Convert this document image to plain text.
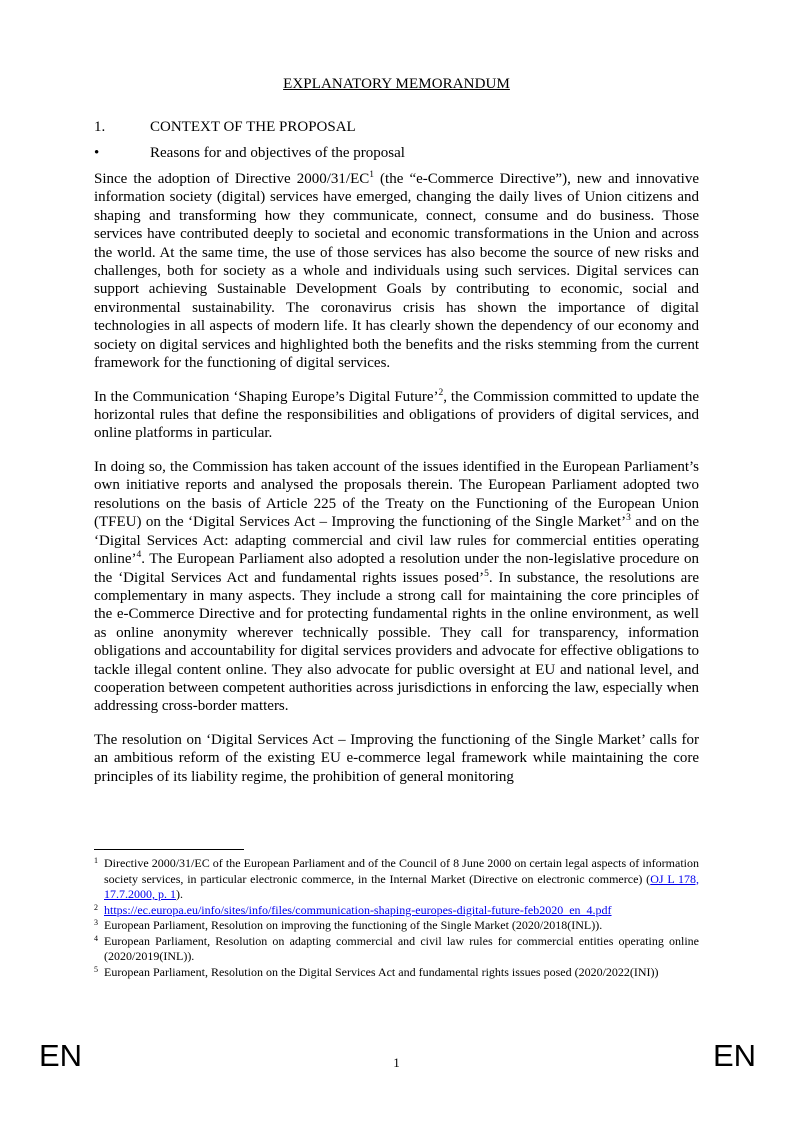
EXPLANATORY MEMORANDUM
1.	CONTEXT OF THE PROPOSAL
•	Reasons for and objectives of the proposal

Since the adoption of Directive $2000/31/EC^1$ (the “e-Commerce Directive”), new and innovative information society (digital) services have emerged, changing the daily lives of Union citizens and shaping and transforming how they communicate, connect, consume and do business. Those services have contributed deeply to societal and economic transformations in the Union and across the world. At the same time, the use of those services has also become the source of new risks and challenges, both for society as a whole and individuals using such services. Digital services can support achieving Sustainable Development Goals by contributing to economic, social and environmental sustainability. The coronavirus crisis has shown the importance of digital technologies in all aspects of modern life. It has clearly shown the dependency of our economy and society on digital services and highlighted both the benefits and the risks stemming from the current framework for the functioning of digital services.

In the Communication ‘Shaping Europe’s Digital Future’$^2$, the Commission committed to update the horizontal rules that define the responsibilities and obligations of providers of digital services, and online platforms in particular.

In doing so, the Commission has taken account of the issues identified in the European Parliament’s own initiative reports and analysed the proposals therein. The European Parliament adopted two resolutions on the basis of Article 225 of the Treaty on the Functioning of the European Union (TFEU) on the ‘Digital Services Act – Improving the functioning of the Single Market’$^3$ and on the ‘Digital Services Act: adapting commercial and civil law rules for commercial entities operating online’$^4$. The European Parliament also adopted a resolution under the non-legislative procedure on the ‘Digital Services Act and fundamental rights issues posed’$^5$. In substance, the resolutions are complementary in many aspects. They include a strong call for maintaining the core principles of the e-Commerce Directive and for protecting fundamental rights in the online environment, as well as online anonymity wherever technically possible. They call for transparency, information obligations and accountability for digital services providers and advocate for effective obligations to tackle illegal content online. They also advocate for public oversight at EU and national level, and cooperation between competent authorities across jurisdictions in enforcing the law, especially when addressing cross-border matters.

The resolution on ‘Digital Services Act – Improving the functioning of the Single Market’ calls for an ambitious reform of the existing EU e-commerce legal framework while maintaining the core principles of its liability regime, the prohibition of general monitoring

1 Directive 2000/31/EC of the European Parliament and of the Council of 8 June 2000 on certain legal aspects of information society services, in particular electronic commerce, in the Internal Market (Directive on electronic commerce) (OJ L 178, 17.7.2000, p. 1).
2 https://ec.europa.eu/info/sites/info/files/communication-shaping-europes-digital-future-feb2020_en_4.pdf
3 European Parliament, Resolution on improving the functioning of the Single Market (2020/2018(INL)).
4 European Parliament, Resolution on adapting commercial and civil law rules for commercial entities operating online (2020/2019(INL)).
5 European Parliament, Resolution on the Digital Services Act and fundamental rights issues posed (2020/2022(INI))
EN	1	EN
